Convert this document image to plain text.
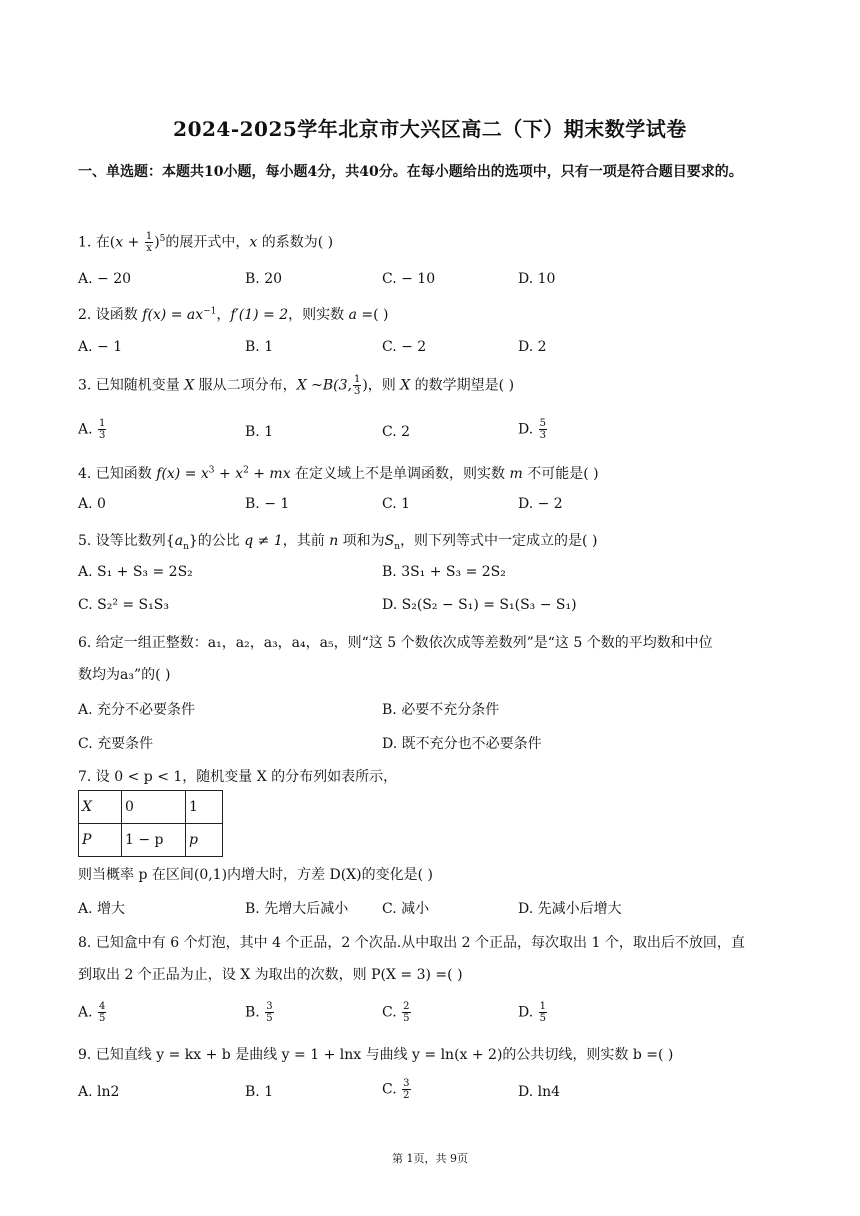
2024-2025学年北京市大兴区高二（下）期末数学试卷
一、单选题：本题共10小题，每小题4分，共40分。在每小题给出的选项中，只有一项是符合题目要求的。
1. 在$(x + \frac{1}{x} )^5$的展开式中，x 的系数为( )
A. − 20	B. 20	C. − 10	D. 10
2. 设函数 $f(x) = ax^{-1}$，f′(1) = 2，则实数 a =( )
A. − 1	B. 1	C. − 2	D. 2
3. 已知随机变量 X 服从二项分布，X ~B(3, $\frac{1}{3}$ )，则 X 的数学期望是( )
A. $\frac{1}{3}$	B. 1	C. 2	D. $\frac{5}{3}$
4. 已知函数 $f(x) = x^3 + x^2$ + mx 在定义域上不是单调函数，则实数 m 不可能是( )
A. 0	B. − 1	C. 1	D. − 2
5. 设等比数列$\{a_n\}$的公比 q ≠ 1，其前 n 项和为$S_n$，则下列等式中一定成立的是( )
A. S₁ + S₃ = 2S₂	B. 3S₁ + S₃ = 2S₂
C. S₂² = S₁S₃	D. S₂(S₂ − S₁) = S₁(S₃ − S₁)
6. 给定一组正整数：a₁，a₂，a₃，a₄，a₅，则“这 5 个数依次成等差数列”是“这 5 个数的平均数和中位
数均为a₃”的( )
A. 充分不必要条件	B. 必要不充分条件
C. 充要条件	D. 既不充分也不必要条件
7. 设 0 < p < 1，随机变量 X 的分布列如表所示，
X	0	1
P	1 − p	p
则当概率 p 在区间(0,1)内增大时，方差 D(X)的变化是( )
A. 增大	B. 先增大后减小 C. 减小	D. 先减小后增大
8. 已知盒中有 6 个灯泡，其中 4 个正品，2 个次品.从中取出 2 个正品，每次取出 1 个，取出后不放回，直
到取出 2 个正品为止，设 X 为取出的次数，则 P(X = 3) =( )
A. $\frac{4}{5}$	B. $\frac{3}{5}$	C. $\frac{2}{5}$	D. $\frac{1}{5}$
9. 已知直线 y = kx + b 是曲线 y = 1 + lnx 与曲线 y = ln(x + 2)的公共切线，则实数 b =( )
A. ln2	B. 1	C. $\frac{3}{2}$	D. ln4
第 1页，共 9页
